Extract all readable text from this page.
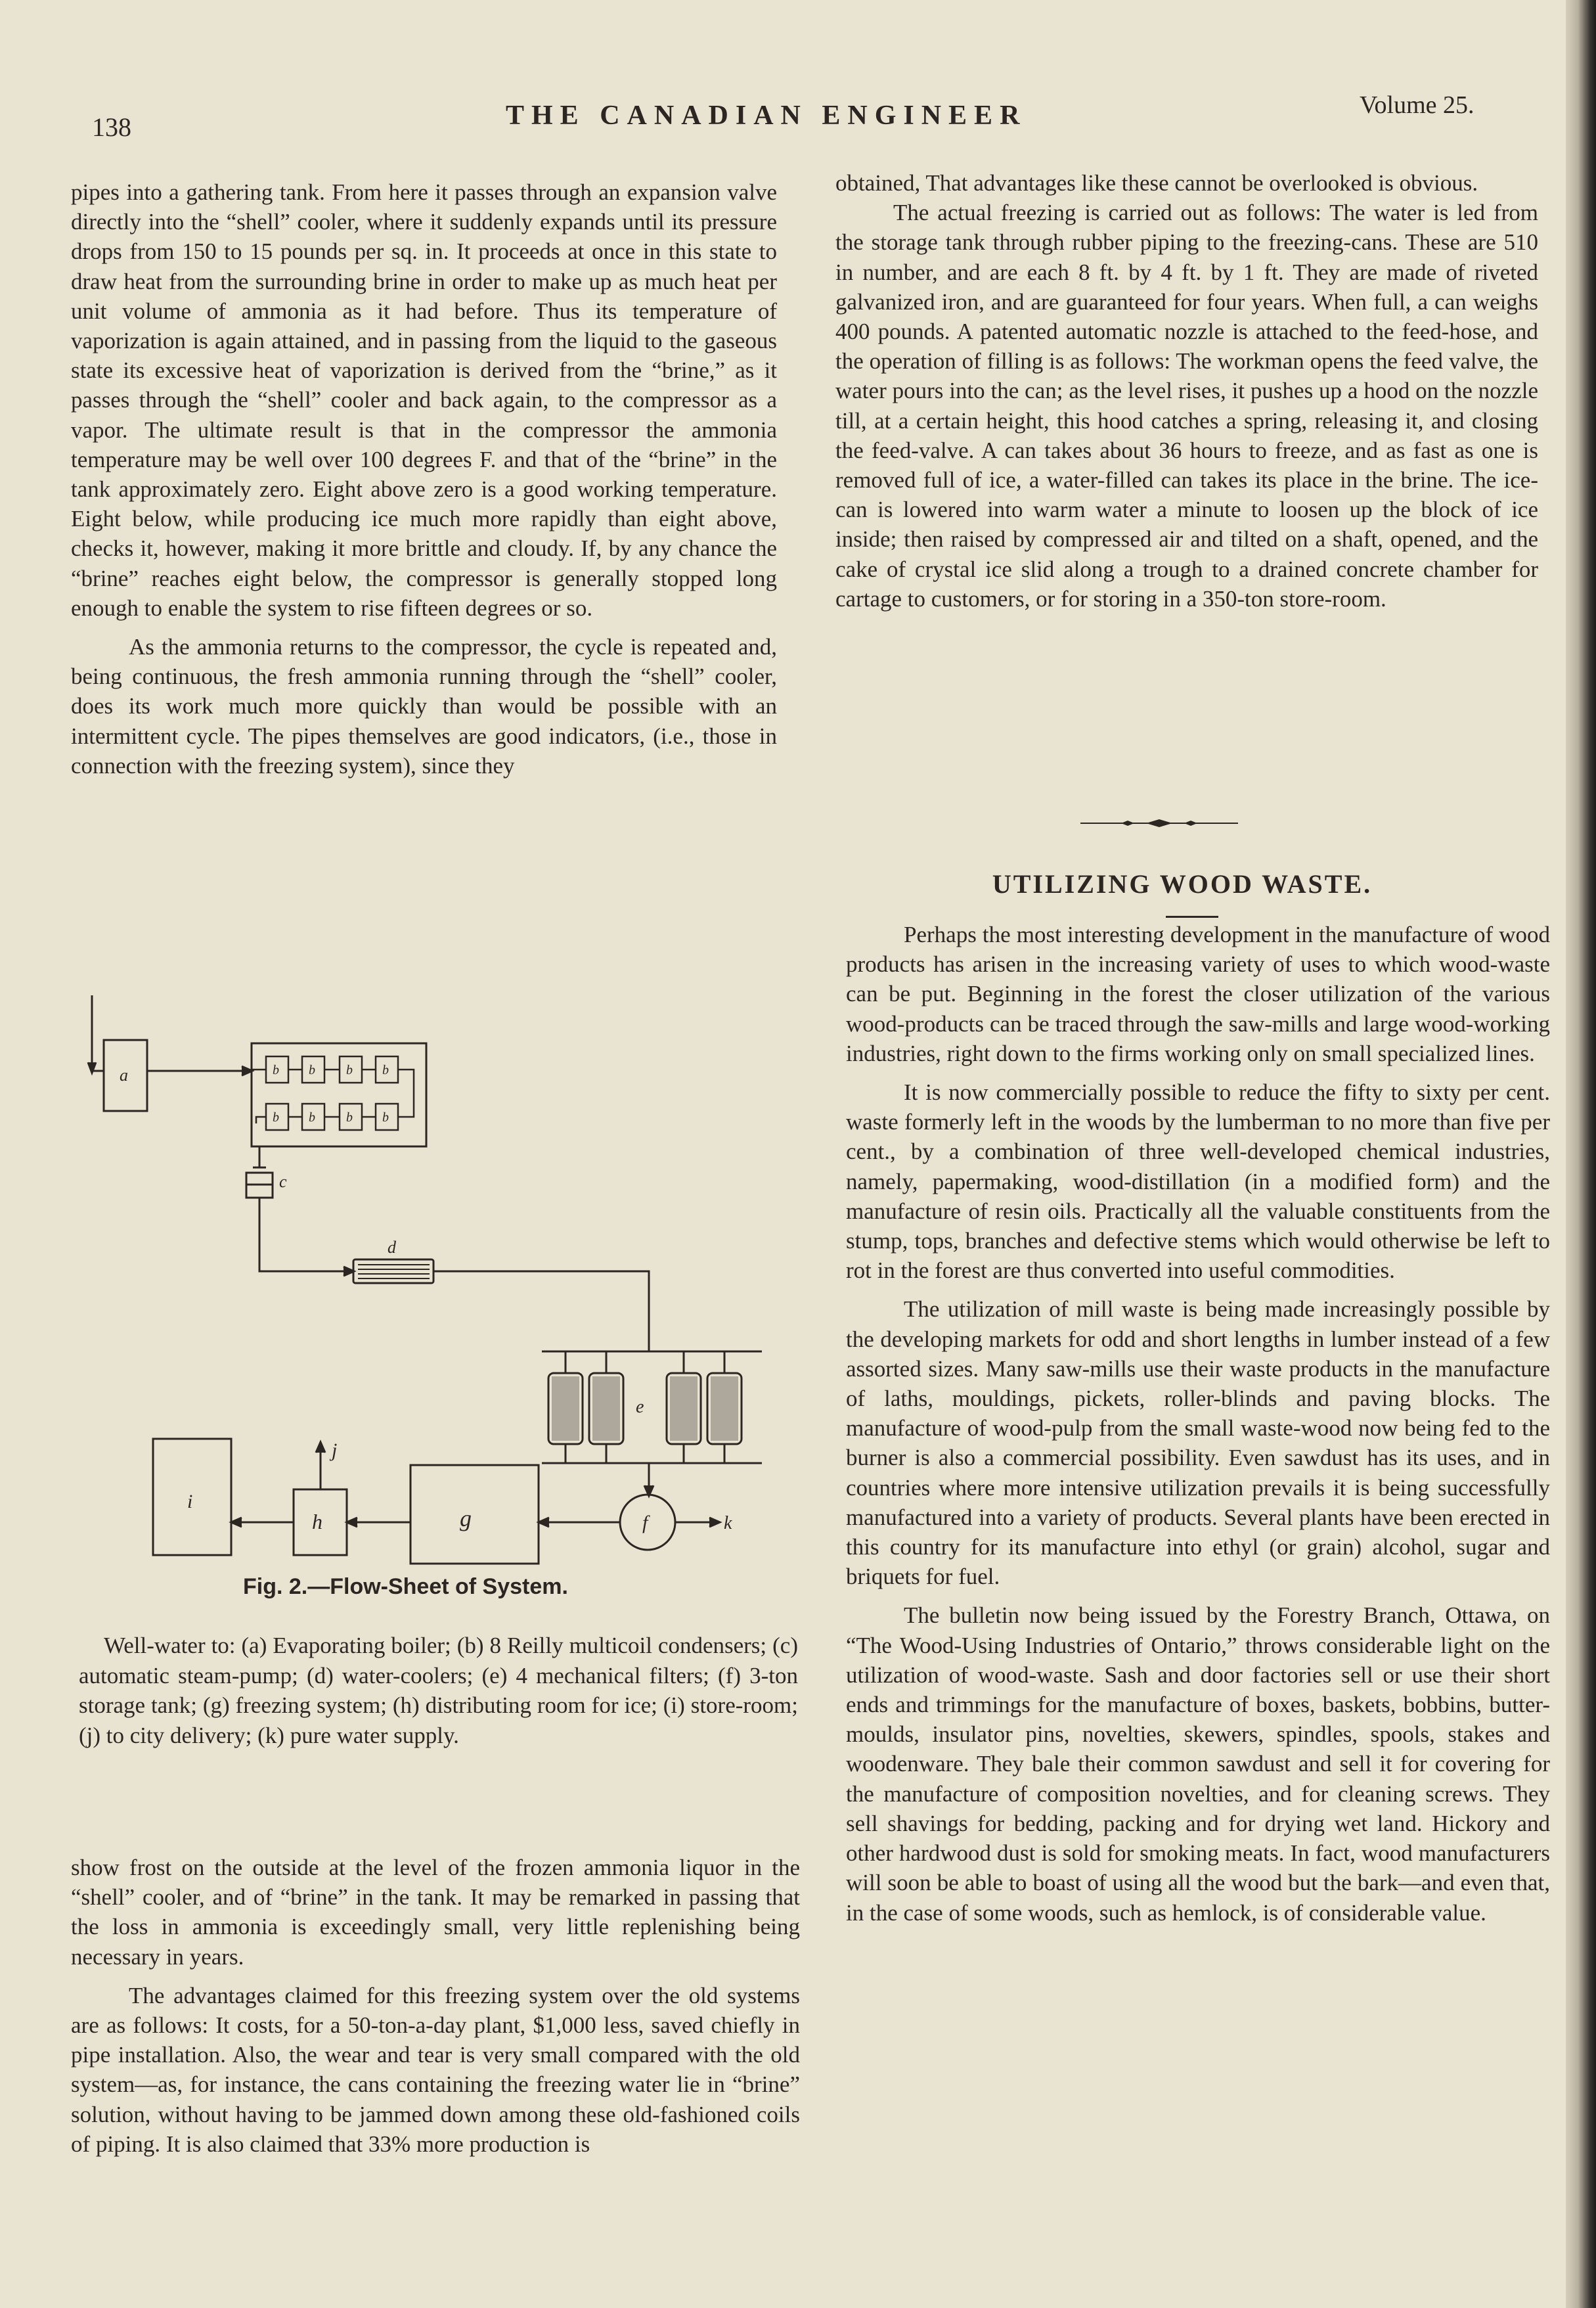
138	THE CANADIAN ENGINEER	Volume 25.

pipes into a gathering tank. From here it passes through an expansion valve directly into the “shell” cooler, where it suddenly expands until its pressure drops from 150 to 15 pounds per sq. in. It proceeds at once in this state to draw heat from the surrounding brine in order to make up as much heat per unit volume of ammonia as it had before. Thus its temperature of vaporization is again attained, and in passing from the liquid to the gaseous state its excessive heat of vaporization is derived from the “brine,” as it passes through the “shell” cooler and back again, to the compressor as a vapor. The ultimate result is that in the compressor the ammonia temperature may be well over 100 degrees F. and that of the “brine” in the tank approximately zero. Eight above zero is a good working temperature. Eight below, while producing ice much more rapidly than eight above, checks it, however, making it more brittle and cloudy. If, by any chance the “brine” reaches eight below, the compressor is generally stopped long enough to enable the system to rise fifteen degrees or so.

As the ammonia returns to the compressor, the cycle is repeated and, being continuous, the fresh ammonia running through the “shell” cooler, does its work much more quickly than would be possible with an intermittent cycle. The pipes themselves are good indicators, (i.e., those in connection with the freezing system), since they

a	b b b b
b b b b
c
d
e
f	k
g
h
j
i
Fig. 2.—Flow-Sheet of System.

Well-water to: (a) Evaporating boiler; (b) 8 Reilly multicoil condensers; (c) automatic steam-pump; (d) water-coolers; (e) 4 mechanical filters; (f) 3-ton storage tank; (g) freezing system; (h) distributing room for ice; (i) store-room; (j) to city delivery; (k) pure water supply.

show frost on the outside at the level of the frozen ammonia liquor in the “shell” cooler, and of “brine” in the tank. It may be remarked in passing that the loss in ammonia is exceedingly small, very little replenishing being necessary in years.

The advantages claimed for this freezing system over the old systems are as follows: It costs, for a 50-ton-a-day plant, $1,000 less, saved chiefly in pipe installation. Also, the wear and tear is very small compared with the old system—as, for instance, the cans containing the freezing water lie in “brine” solution, without having to be jammed down among these old-fashioned coils of piping. It is also claimed that 33% more production is

obtained, That advantages like these cannot be overlooked is obvious.

The actual freezing is carried out as follows: The water is led from the storage tank through rubber piping to the freezing-cans. These are 510 in number, and are each 8 ft. by 4 ft. by 1 ft. They are made of riveted galvanized iron, and are guaranteed for four years. When full, a can weighs 400 pounds. A patented automatic nozzle is attached to the feed-hose, and the operation of filling is as follows: The workman opens the feed valve, the water pours into the can; as the level rises, it pushes up a hood on the nozzle till, at a certain height, this hood catches a spring, releasing it, and closing the feed-valve. A can takes about 36 hours to freeze, and as fast as one is removed full of ice, a water-filled can takes its place in the brine. The ice-can is lowered into warm water a minute to loosen up the block of ice inside; then raised by compressed air and tilted on a shaft, opened, and the cake of crystal ice slid along a trough to a drained concrete chamber for cartage to customers, or for storing in a 350-ton store-room.

UTILIZING WOOD WASTE.

Perhaps the most interesting development in the manufacture of wood products has arisen in the increasing variety of uses to which wood-waste can be put. Beginning in the forest the closer utilization of the various wood-products can be traced through the saw-mills and large wood-working industries, right down to the firms working only on small specialized lines.

It is now commercially possible to reduce the fifty to sixty per cent. waste formerly left in the woods by the lumberman to no more than five per cent., by a combination of three well-developed chemical industries, namely, papermaking, wood-distillation (in a modified form) and the manufacture of resin oils. Practically all the valuable constituents from the stump, tops, branches and defective stems which would otherwise be left to rot in the forest are thus converted into useful commodities.

The utilization of mill waste is being made increasingly possible by the developing markets for odd and short lengths in lumber instead of a few assorted sizes. Many saw-mills use their waste products in the manufacture of laths, mouldings, pickets, roller-blinds and paving blocks. The manufacture of wood-pulp from the small waste-wood now being fed to the burner is also a commercial possibility. Even sawdust has its uses, and in countries where more intensive utilization prevails it is being successfully manufactured into a variety of products. Several plants have been erected in this country for its manufacture into ethyl (or grain) alcohol, sugar and briquets for fuel.

The bulletin now being issued by the Forestry Branch, Ottawa, on “The Wood-Using Industries of Ontario,” throws considerable light on the utilization of wood-waste. Sash and door factories sell or use their short ends and trimmings for the manufacture of boxes, baskets, bobbins, butter-moulds, insulator pins, novelties, skewers, spindles, spools, stakes and woodenware. They bale their common sawdust and sell it for covering for the manufacture of composition novelties, and for cleaning screws. They sell shavings for bedding, packing and for drying wet land. Hickory and other hardwood dust is sold for smoking meats. In fact, wood manufacturers will soon be able to boast of using all the wood but the bark—and even that, in the case of some woods, such as hemlock, is of considerable value.
